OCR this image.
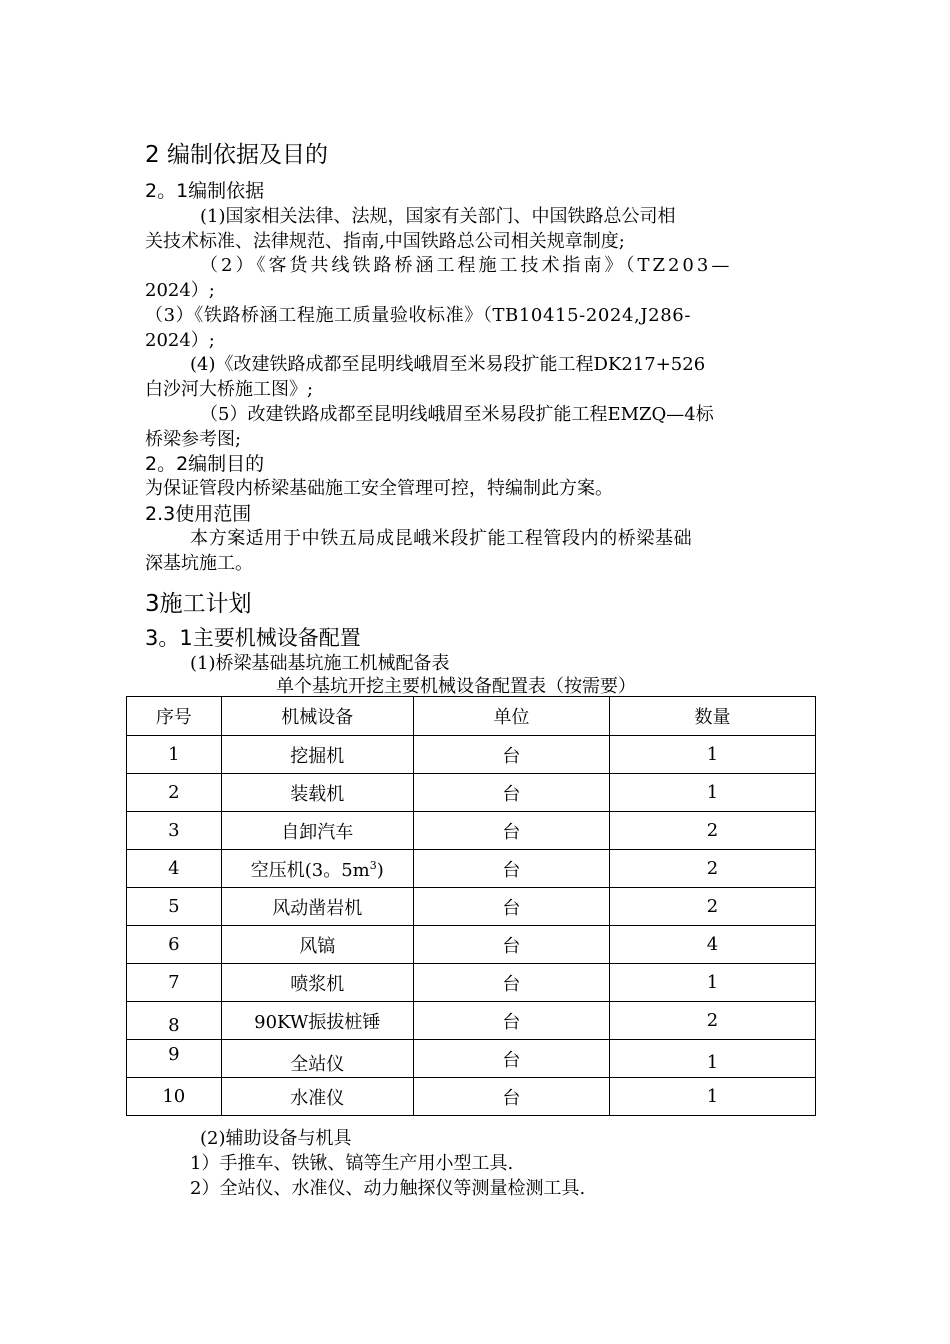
2 编制依据及目的
2。1编制依据
(1)国家相关法律、法规，国家有关部门、中国铁路总公司相
关技术标准、法律规范、指南,中国铁路总公司相关规章制度;
（2）《客货共线铁路桥涵工程施工技术指南》（TZ203—
2024）;
（3）《铁路桥涵工程施工质量验收标准》（TB10415-2024,J286-
2024）;
(4)《改建铁路成都至昆明线峨眉至米易段扩能工程DK217+526
白沙河大桥施工图》;
（5）改建铁路成都至昆明线峨眉至米易段扩能工程EMZQ—4标
桥梁参考图;
2。2编制目的
为保证管段内桥梁基础施工安全管理可控，特编制此方案。
2.3使用范围
本方案适用于中铁五局成昆峨米段扩能工程管段内的桥梁基础
深基坑施工。
3施工计划
3。1主要机械设备配置
(1)桥梁基础基坑施工机械配备表
单个基坑开挖主要机械设备配置表（按需要）
序号	机械设备	单位	数量
1	挖掘机	台	1
2	装载机	台	1
3	自卸汽车	台	2
4	空压机(3。$5m^3$)	台	2
5	风动凿岩机	台	2
6	风镐	台	4
7	喷浆机	台	1
8	90KW振拔桩锤	台	2
9	全站仪	台	1
10	水准仪	台	1
(2)辅助设备与机具
1）手推车、铁锹、镐等生产用小型工具.
2）全站仪、水准仪、动力触探仪等测量检测工具.
